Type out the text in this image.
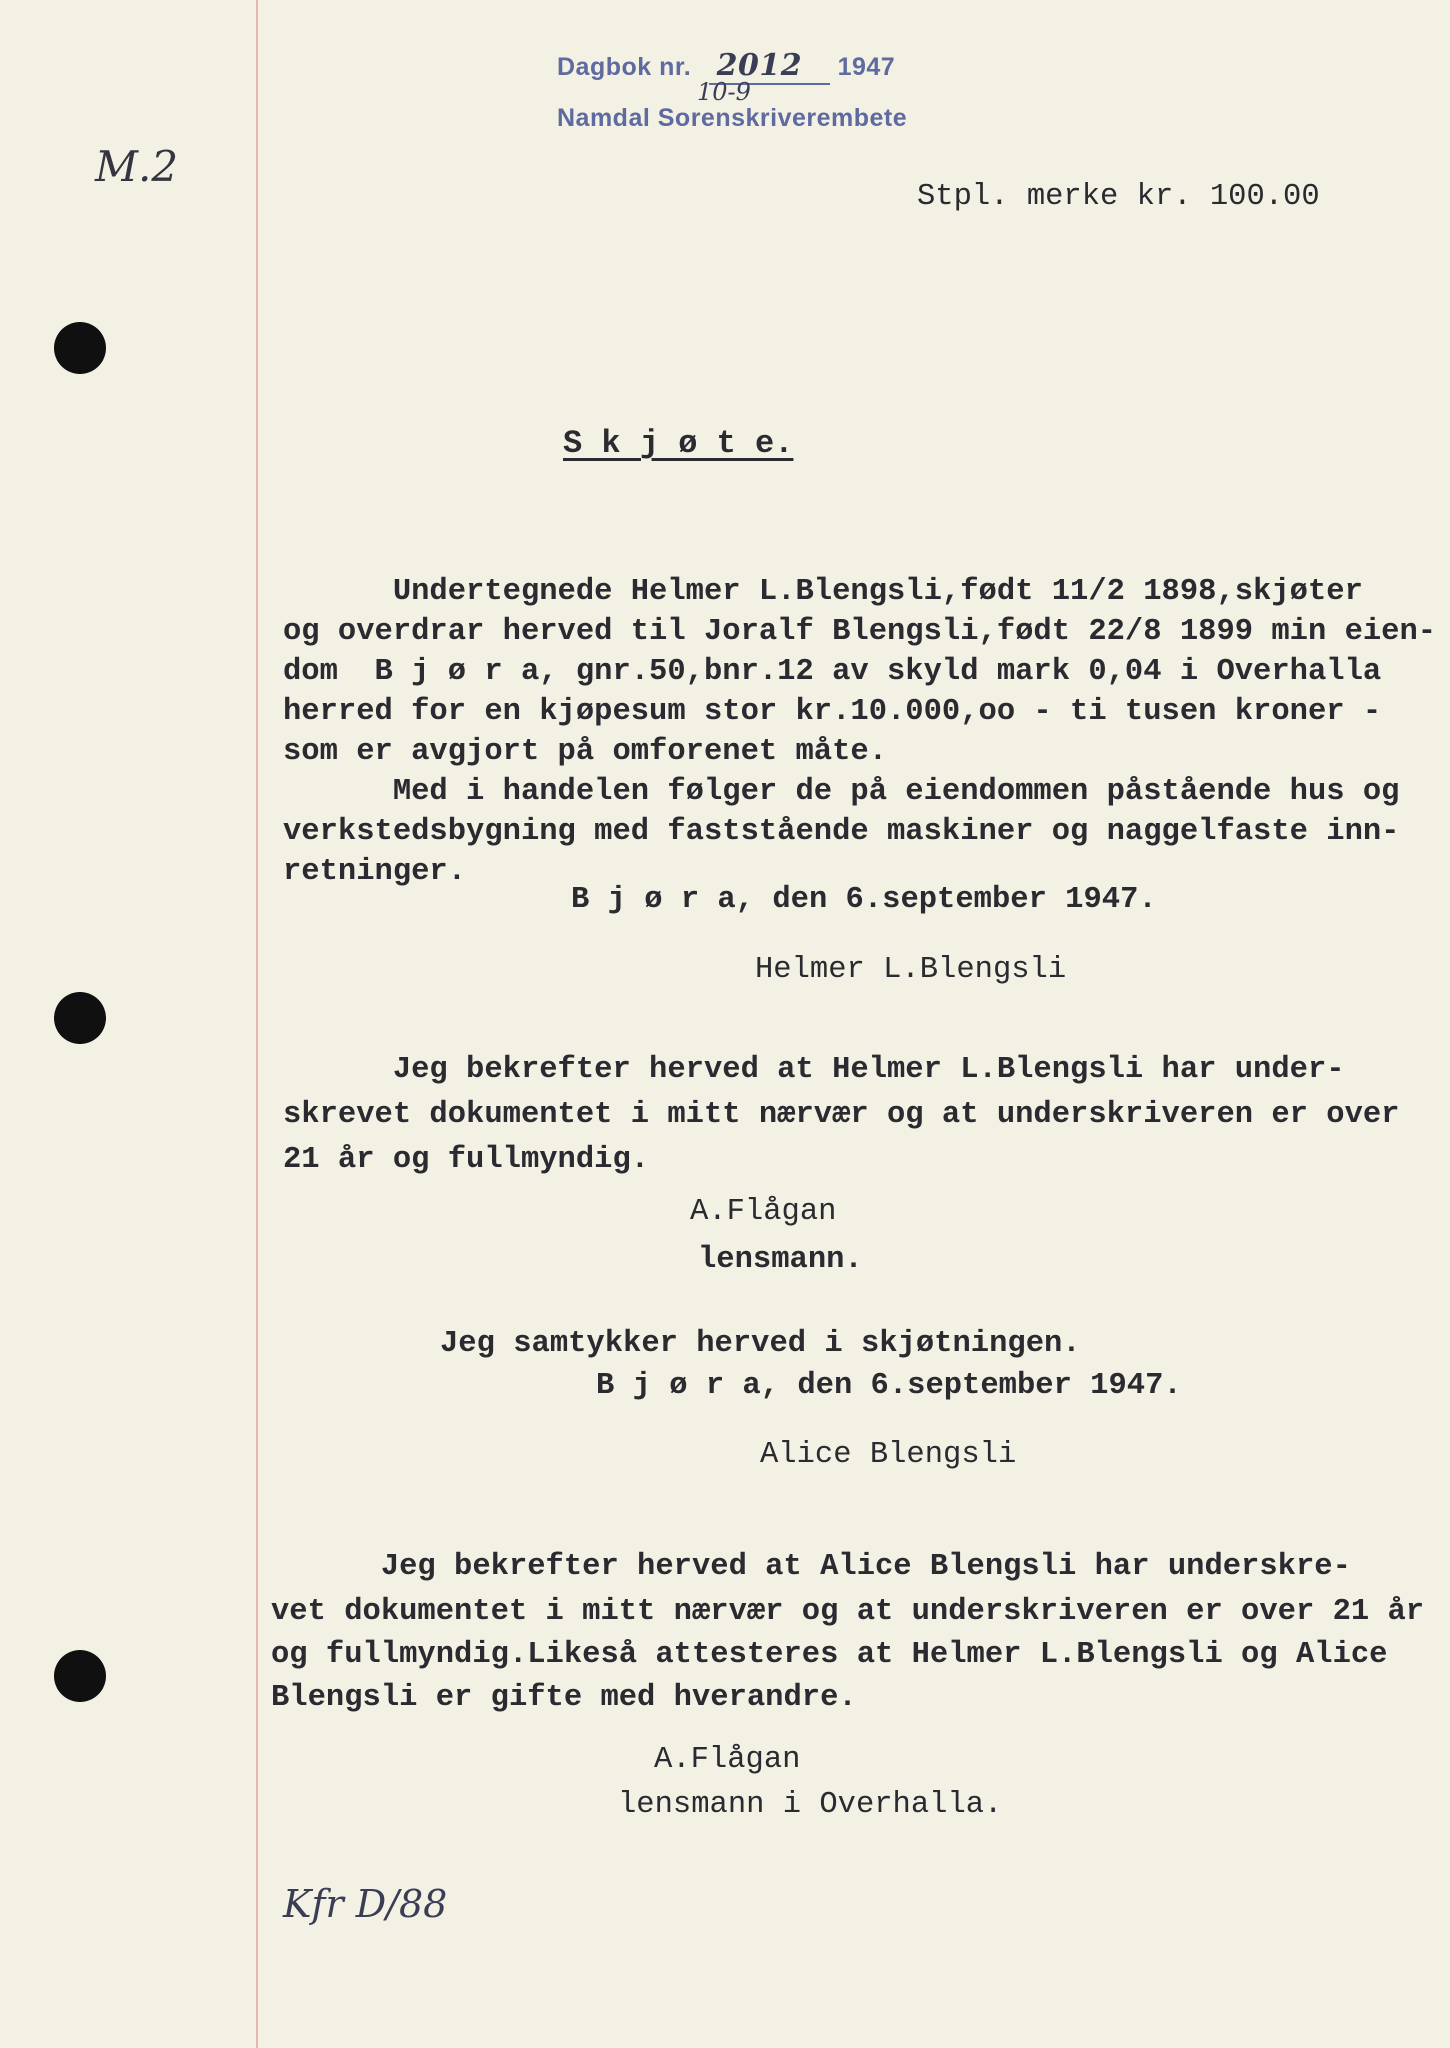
Dagbok nr. 2012 1947
10-9
Namdal Sorenskriverembete
M.2
Stpl. merke kr. 100.00
S k j ø t e.
Undertegnede Helmer L.Blengsli,født 11/2 1898,skjøter
og overdrar herved til Joralf Blengsli,født 22/8 1899 min eien-
dom  B j ø r a, gnr.50,bnr.12 av skyld mark 0,04 i Overhalla
herred for en kjøpesum stor kr.10.000,oo - ti tusen kroner -
som er avgjort på omforenet måte.
Med i handelen følger de på eiendommen påstående hus og
verkstedsbygning med faststående maskiner og naggelfaste inn-
retninger.
B j ø r a, den 6.september 1947.
Helmer L.Blengsli
Jeg bekrefter herved at Helmer L.Blengsli har under-
skrevet dokumentet i mitt nærvær og at underskriveren er over
21 år og fullmyndig.
A.Flågan
lensmann.
Jeg samtykker herved i skjøtningen.
B j ø r a, den 6.september 1947.
Alice Blengsli
Jeg bekrefter herved at Alice Blengsli har underskre-
vet dokumentet i mitt nærvær og at underskriveren er over 21 år
og fullmyndig.Likeså attesteres at Helmer L.Blengsli og Alice
Blengsli er gifte med hverandre.
A.Flågan
lensmann i Overhalla.
Kfr D/88
